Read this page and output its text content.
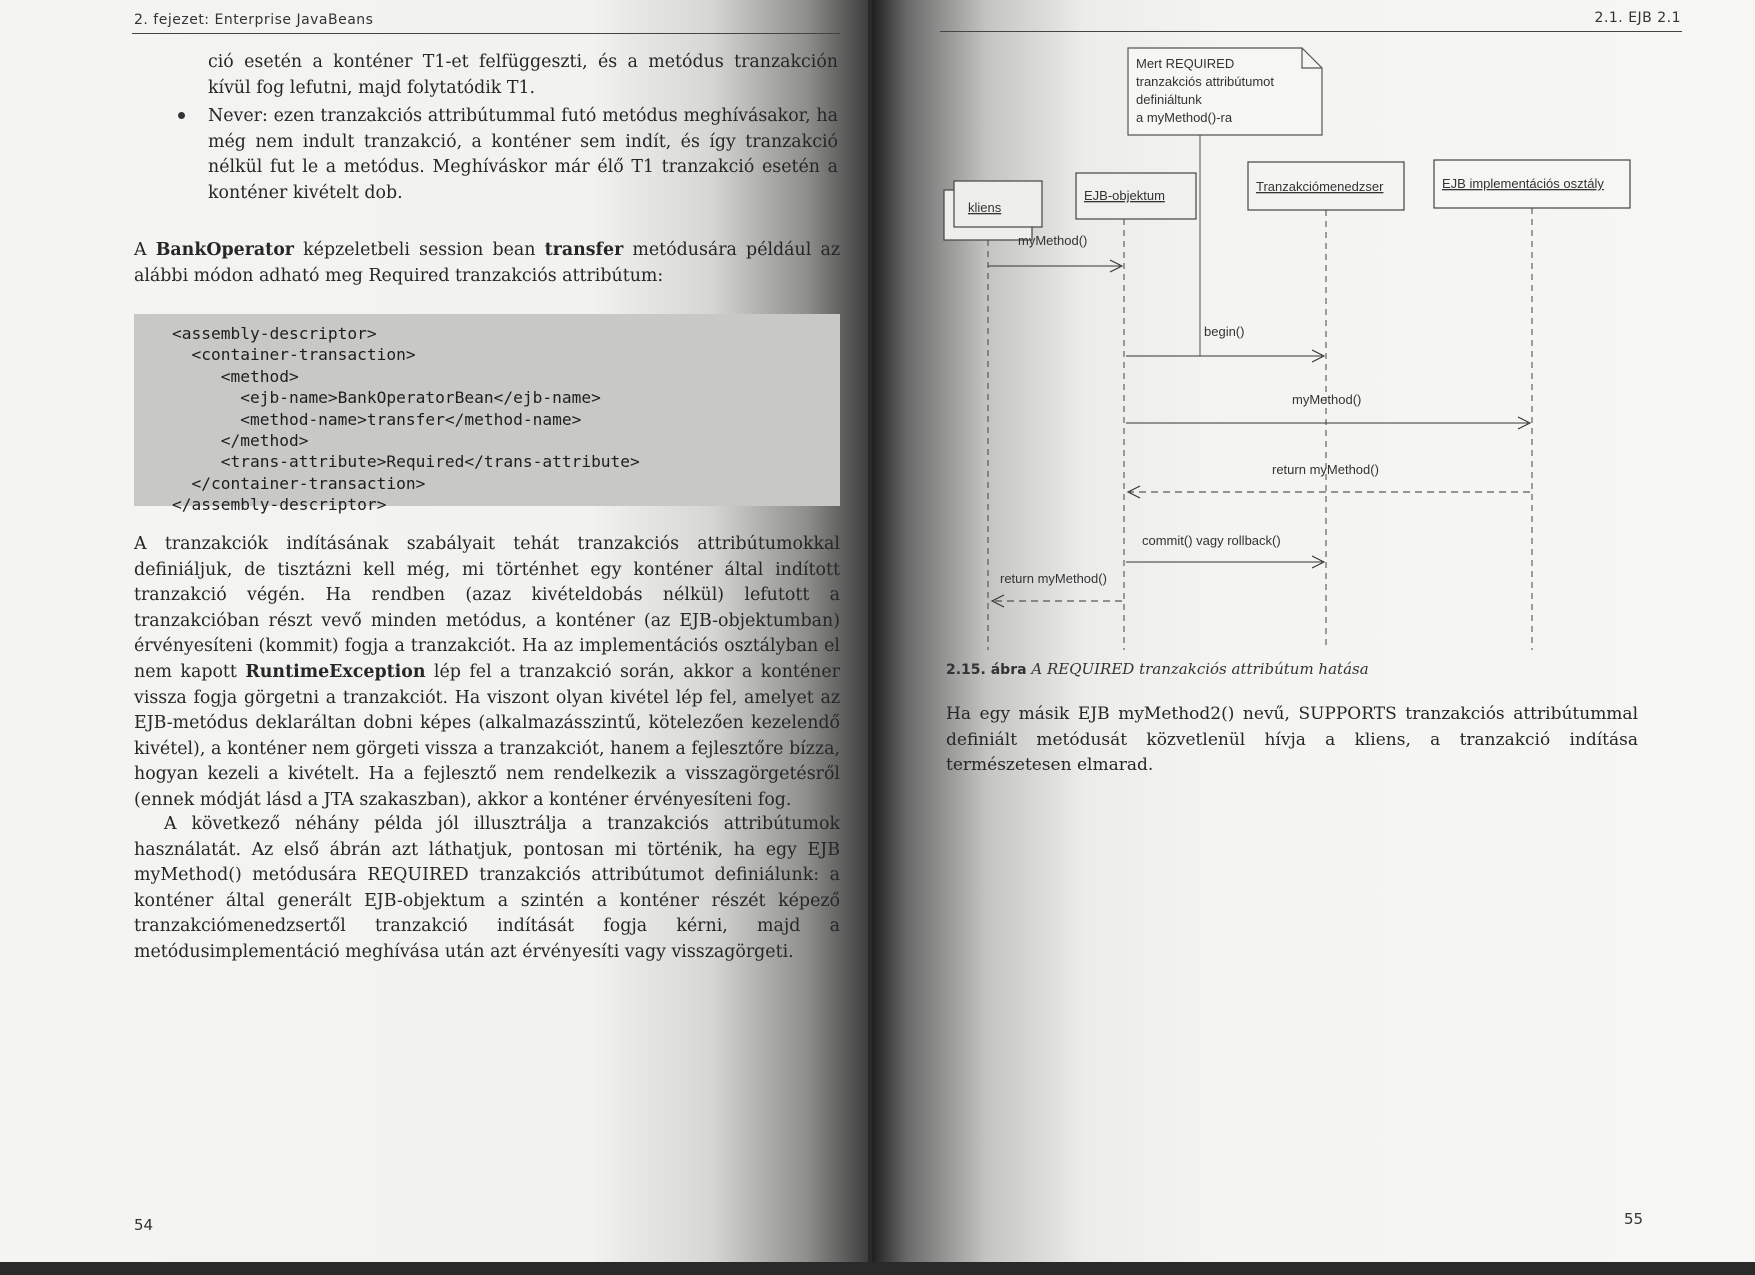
2. fejezet: Enterprise JavaBeans

ció esetén a konténer T1-et felfüggeszti, és a metódus tranzakción kívül fog lefutni, majd folytatódik T1.

Never: ezen tranzakciós attribútummal futó metódus meghívásakor, ha még nem indult tranzakció, a konténer sem indít, és így tranzakció nélkül fut le a metódus. Meghíváskor már élő T1 tranzakció esetén a konténer kivételt dob.

A BankOperator képzeletbeli session bean transfer metódusára például az alábbi módon adható meg Required tranzakciós attribútum:

<assembly-descriptor>
<container-transaction>
<method>
<ejb-name>BankOperatorBean</ejb-name>
<method-name>transfer</method-name>
</method>
<trans-attribute>Required</trans-attribute>
</container-transaction>
</assembly-descriptor>

A tranzakciók indításának szabályait tehát tranzakciós attribútumokkal definiáljuk, de tisztázni kell még, mi történhet egy konténer által indított tranzakció végén. Ha rendben (azaz kivételdobás nélkül) lefutott a tranzakcióban részt vevő minden metódus, a konténer (az EJB-objektumban) érvényesíteni (kommit) fogja a tranzakciót. Ha az implementációs osztályban el nem kapott RuntimeException lép fel a tranzakció során, akkor a konténer vissza fogja görgetni a tranzakciót. Ha viszont olyan kivétel lép fel, amelyet az EJB-metódus deklaráltan dobni képes (alkalmazásszintű, kötelezően kezelendő kivétel), a konténer nem görgeti vissza a tranzakciót, hanem a fejlesztőre bízza, hogyan kezeli a kivételt. Ha a fejlesztő nem rendelkezik a visszagörgetésről (ennek módját lásd a JTA szakaszban), akkor a konténer érvényesíteni fog.

A következő néhány példa jól illusztrálja a tranzakciós attribútumok használatát. Az első ábrán azt láthatjuk, pontosan mi történik, ha egy EJB myMethod() metódusára REQUIRED tranzakciós attribútumot definiálunk: a konténer által generált EJB-objektum a szintén a konténer részét képező tranzakciómenedzsertől tranzakció indítását fogja kérni, majd a metódusimplementáció meghívása után azt érvényesíti vagy visszagörgeti.

54
2.1. EJB 2.1
Mert REQUIRED
tranzakciós attribútumot
definiáltunk
a myMethod()-ra
kliens
EJB-objektum
Tranzakciómenedzser	EJB implementációs osztály
myMethod()
begin()
myMethod()
return myMethod()
commit() vagy rollback()
return myMethod()
2.15. ábra A REQUIRED tranzakciós attribútum hatása

Ha egy másik EJB myMethod2() nevű, SUPPORTS tranzakciós attribútummal definiált metódusát közvetlenül hívja a kliens, a tranzakció indítása természetesen elmarad.

55
